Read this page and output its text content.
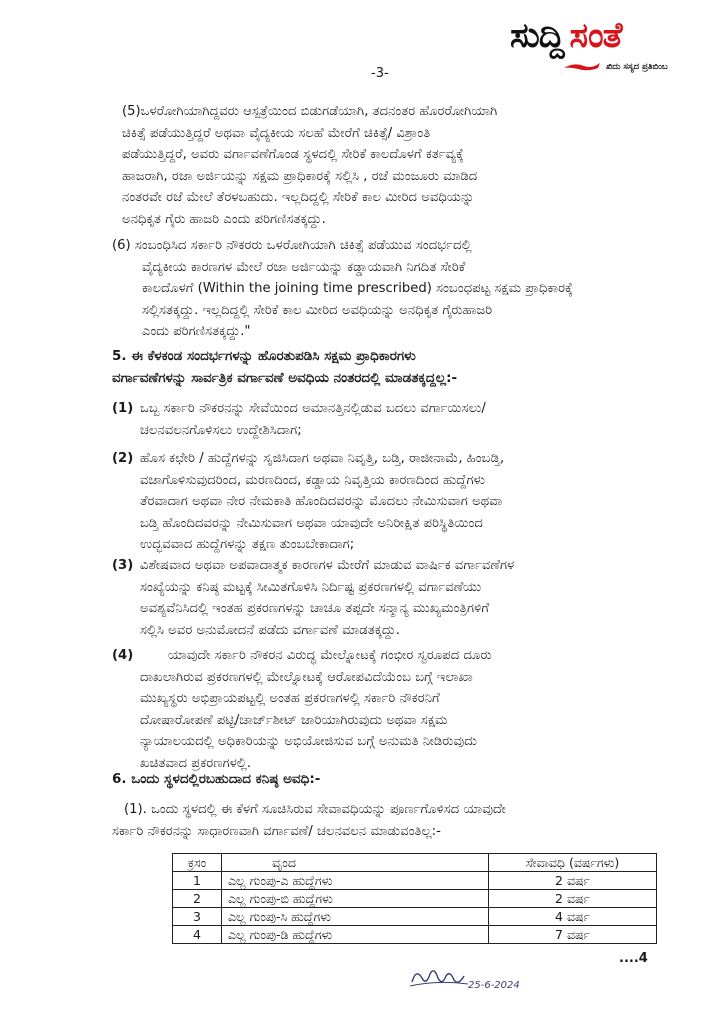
ಸುದ್ದಿ ಸಂತೆ
ಖಿದು ಸಸ್ಯದ ಪ್ರತಿಬಿಂಬ
-3-
(5)ಒಳರೋಗಿಯಾಗಿದ್ದವರು ಆಸ್ಪತ್ರೆಯಿಂದ ಬಿಡುಗಡೆಯಾಗಿ, ತದನಂತರ ಹೊರರೋಗಿಯಾಗಿ
ಚಿಕಿತ್ಸೆ ಪಡೆಯುತ್ತಿದ್ದರೆ ಅಥವಾ ವೈದ್ಯಕೀಯ ಸಲಹೆ ಮೇರೆಗೆ ಚಿಕಿತ್ಸೆ/ ವಿಶ್ರಾಂತಿ
ಪಡೆಯುತ್ತಿದ್ದರೆ, ಅವರು ವರ್ಗಾವಣೆಗೊಂಡ ಸ್ಥಳದಲ್ಲಿ ಸೇರಿಕೆ ಕಾಲದೊಳಗೆ ಕರ್ತವ್ಯಕ್ಕೆ
ಹಾಜರಾಗಿ, ರಜಾ ಅರ್ಜಿಯನ್ನು ಸಕ್ಷಮ ಪ್ರಾಧಿಕಾರಕ್ಕೆ ಸಲ್ಲಿಸಿ , ರಜೆ ಮಂಜೂರು ಮಾಡಿದ
ನಂತರವೇ ರಜೆ ಮೇಲೆ ತೆರಳಬಹುದು. ಇಲ್ಲದಿದ್ದಲ್ಲಿ ಸೇರಿಕೆ ಕಾಲ ಮೀರಿದ ಅವಧಿಯನ್ನು
ಅನಧಿಕೃತ ಗೈರು ಹಾಜರಿ ಎಂದು ಪರಿಗಣಿಸತಕ್ಕದ್ದು.
(6) ಸಂಬಂಧಿಸಿದ ಸರ್ಕಾರಿ ನೌಕರರು ಒಳರೋಗಿಯಾಗಿ ಚಿಕಿತ್ಸೆ ಪಡೆಯುವ ಸಂದರ್ಭದಲ್ಲಿ
ವೈದ್ಯಕೀಯ ಕಾರಣಗಳ ಮೇಲೆ ರಜಾ ಅರ್ಜಿಯನ್ನು ಕಡ್ಡಾಯವಾಗಿ ನಿಗದಿತ ಸೇರಿಕೆ
ಕಾಲದೊಳಗೆ (Within the joining time prescribed) ಸಂಬಂಧಪಟ್ಟ ಸಕ್ಷಮ ಪ್ರಾಧಿಕಾರಕ್ಕೆ
ಸಲ್ಲಿಸತಕ್ಕದ್ದು. ಇಲ್ಲದಿದ್ದಲ್ಲಿ ಸೇರಿಕೆ ಕಾಲ ಮೀರಿದ ಅವಧಿಯನ್ನು ಅನಧಿಕೃತ ಗೈರುಹಾಜರಿ
ಎಂದು ಪರಿಗಣಿಸತಕ್ಕದ್ದು."
5. ಈ ಕೆಳಕಂಡ ಸಂದರ್ಭಗಳನ್ನು ಹೊರತುಪಡಿಸಿ ಸಕ್ಷಮ ಪ್ರಾಧಿಕಾರಗಳು
ವರ್ಗಾವಣೆಗಳನ್ನು ಸಾರ್ವತ್ರಿಕ ವರ್ಗಾವಣೆ ಅವಧಿಯ ನಂತರದಲ್ಲಿ ಮಾಡತಕ್ಕದ್ದಲ್ಲ:-
(1) ಒಬ್ಬ ಸರ್ಕಾರಿ ನೌಕರನನ್ನು ಸೇವೆಯಿಂದ ಅಮಾನತ್ತಿನಲ್ಲಿಡುವ ಬದಲು ವರ್ಗಾಯಿಸಲು/
ಚಲನವಲನಗೊಳಿಸಲು ಉದ್ದೇಶಿಸಿದಾಗ;
(2) ಹೊಸ ಕಛೇರಿ / ಹುದ್ದೆಗಳನ್ನು ಸೃಜಿಸಿದಾಗ ಅಥವಾ ನಿವೃತ್ತಿ, ಬಡ್ತಿ, ರಾಜೀನಾಮೆ, ಹಿಂಬಡ್ತಿ,
ವಜಾಗೊಳಿಸುವುದರಿಂದ, ಮರಣದಿಂದ, ಕಡ್ಡಾಯ ನಿವೃತ್ತಿಯ ಕಾರಣದಿಂದ ಹುದ್ದೆಗಳು
ತೆರವಾದಾಗ ಅಥವಾ ನೇರ ನೇಮಕಾತಿ ಹೊಂದಿದವರನ್ನು ಮೊದಲು ನೇಮಿಸುವಾಗ ಅಥವಾ
ಬಡ್ತಿ ಹೊಂದಿದವರನ್ನು ನೇಮಿಸುವಾಗ ಅಥವಾ ಯಾವುದೇ ಅನಿರೀಕ್ಷಿತ ಪರಿಸ್ಥಿತಿಯಿಂದ
ಉದ್ಭವವಾದ ಹುದ್ದೆಗಳನ್ನು ತಕ್ಷಣ ತುಂಬಬೇಕಾದಾಗ;
(3) ವಿಶೇಷವಾದ ಅಥವಾ ಅಪವಾದಾತ್ಮಕ ಕಾರಣಗಳ ಮೇರೆಗೆ ಮಾಡುವ ವಾರ್ಷಿಕ ವರ್ಗಾವಣೆಗಳ
ಸಂಖ್ಯೆಯನ್ನು ಕನಿಷ್ಠ ಮಟ್ಟಕ್ಕೆ ಸೀಮಿತಗೊಳಿಸಿ ನಿರ್ದಿಷ್ಟ ಪ್ರಕರಣಗಳಲ್ಲಿ ವರ್ಗಾವಣೆಯು
ಅವಶ್ಯವೆನಿಸಿದಲ್ಲಿ ಇಂತಹ ಪ್ರಕರಣಗಳನ್ನು ಚಾಚೂ ತಪ್ಪದೇ ಸನ್ಮಾನ್ಯ ಮುಖ್ಯಮಂತ್ರಿಗಳಿಗೆ
ಸಲ್ಲಿಸಿ ಅವರ ಅನುಮೋದನೆ ಪಡೆದು ವರ್ಗಾವಣೆ ಮಾಡತಕ್ಕದ್ದು.
(4)	ಯಾವುದೇ ಸರ್ಕಾರಿ ನೌಕರನ ವಿರುದ್ಧ ಮೇಲ್ನೋಟಕ್ಕೆ ಗಂಭೀರ ಸ್ವರೂಪದ ದೂರು
ದಾಖಲಾಗಿರುವ ಪ್ರಕರಣಗಳಲ್ಲಿ ಮೇಲ್ನೋಟಕ್ಕೆ ಆರೋಪವಿದೆಯೆಂಬ ಬಗ್ಗೆ ಇಲಾಖಾ
ಮುಖ್ಯಸ್ಥರು ಅಭಿಪ್ರಾಯಪಟ್ಟಲ್ಲಿ ಅಂತಹ ಪ್ರಕರಣಗಳಲ್ಲಿ ಸರ್ಕಾರಿ ನೌಕರನಿಗೆ
ದೋಷಾರೋಪಣೆ ಪಟ್ಟಿ/ಚಾರ್ಜ್‌ಶೀಟ್ ಜಾರಿಯಾಗಿರುವುದು ಅಥವಾ ಸಕ್ಷಮ
ನ್ಯಾಯಾಲಯದಲ್ಲಿ ಅಧಿಕಾರಿಯನ್ನು ಅಭಿಯೋಜಿಸುವ ಬಗ್ಗೆ ಅನುಮತಿ ನೀಡಿರುವುದು
ಖಚಿತವಾದ ಪ್ರಕರಣಗಳಲ್ಲಿ.
6. ಒಂದು ಸ್ಥಳದಲ್ಲಿರಬಹುದಾದ ಕನಿಷ್ಠ ಅವಧಿ:-
(1). ಒಂದು ಸ್ಥಳದಲ್ಲಿ ಈ ಕೆಳಗೆ ಸೂಚಿಸಿರುವ ಸೇವಾವಧಿಯನ್ನು ಪೂರ್ಣಗೊಳಿಸದ ಯಾವುದೇ
ಸರ್ಕಾರಿ ನೌಕರನನ್ನು ಸಾಧಾರಣವಾಗಿ ವರ್ಗಾವಣೆ/ ಚಲನವಲನ ಮಾಡುವಂತಿಲ್ಲ:-
ಕ್ರಸಂ	ವೃಂದ	ಸೇವಾವಧಿ (ವರ್ಷಗಳು)
1	ಎಲ್ಲ ಗುಂಪು-ಎ ಹುದ್ದೆಗಳು	2 ವರ್ಷ
2	ಎಲ್ಲ ಗುಂಪು-ಬಿ ಹುದ್ದೆಗಳು	2 ವರ್ಷ
3	ಎಲ್ಲ ಗುಂಪು-ಸಿ ಹುದ್ದೆಗಳು	4 ವರ್ಷ
4	ಎಲ್ಲ ಗುಂಪು-ಡಿ ಹುದ್ದೆಗಳು	7 ವರ್ಷ
....4
25-6-2024
